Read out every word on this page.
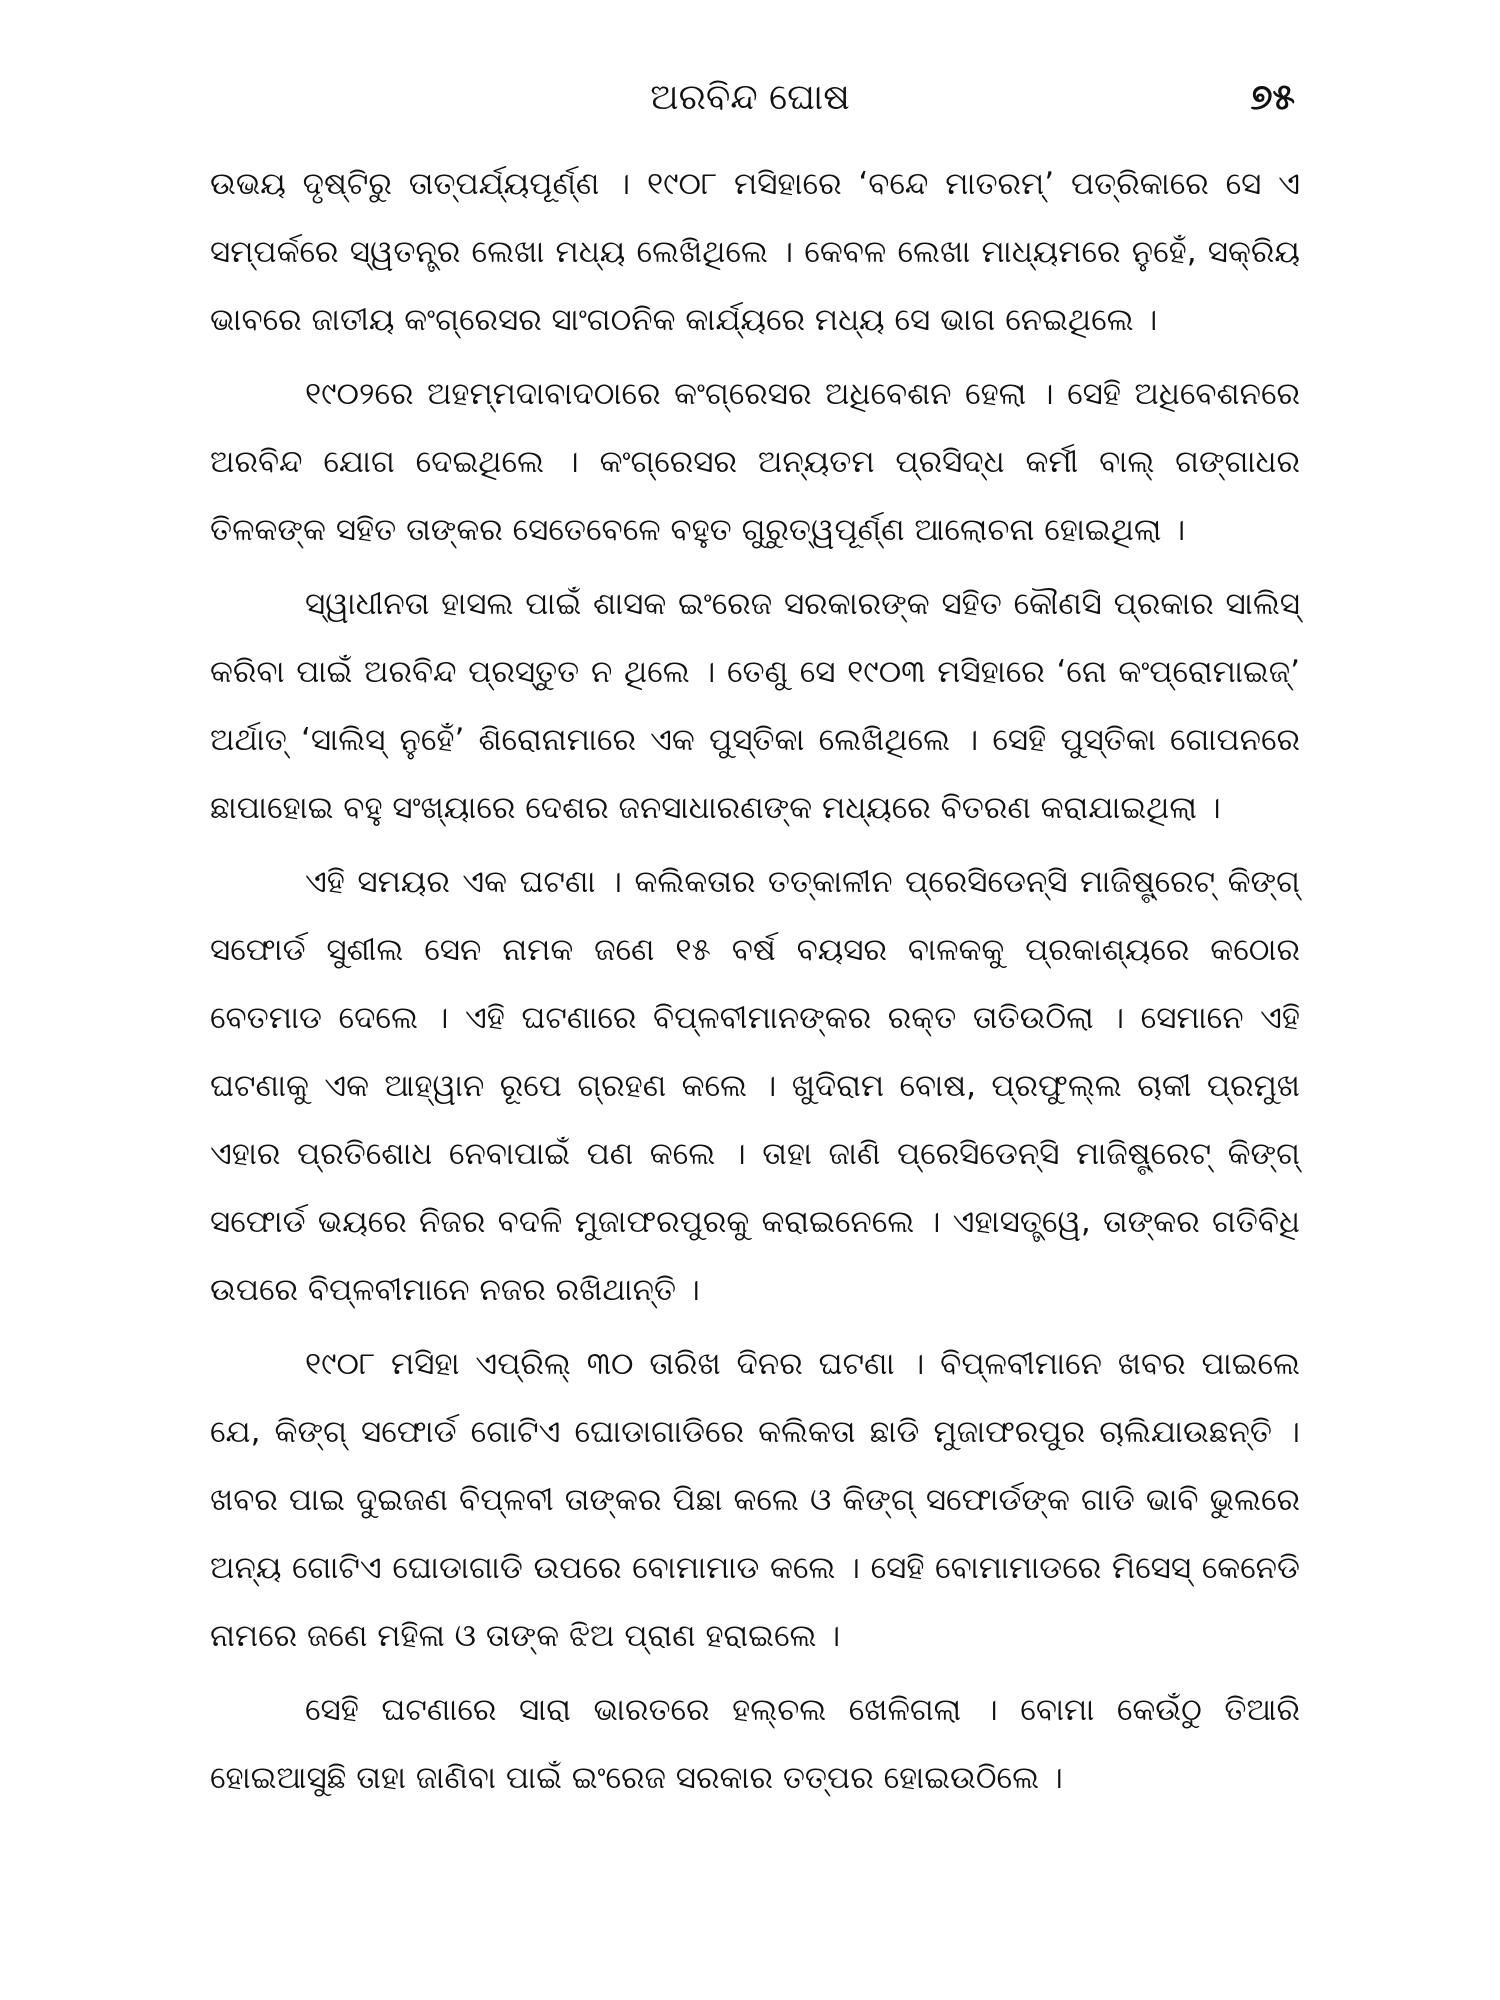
ଅରବିନ୍ଦ ଘୋଷ	୭୫

ଉଭୟ ଦୃଷ୍ଟିରୁ ତାତ୍ପର୍ଯ୍ୟପୂର୍ଣ୍ଣ । ୧୯୦୮ ମସିହାରେ ‘ବନ୍ଦେ ମାତରମ୍’ ପତ୍ରିକାରେ ସେ ଏ ସମ୍ପର୍କରେ ସ୍ୱତନ୍ତ୍ର ଲେଖା ମଧ୍ୟ ଲେଖିଥିଲେ । କେବଳ ଲେଖା ମାଧ୍ୟମରେ ନୁହେଁ, ସକ୍ରିୟ ଭାବରେ ଜାତୀୟ କଂଗ୍ରେସର ସାଂଗଠନିକ କାର୍ଯ୍ୟରେ ମଧ୍ୟ ସେ ଭାଗ ନେଇଥିଲେ ।

୧୯୦୨ରେ ଅହମ୍ମଦାବାଦଠାରେ କଂଗ୍ରେସର ଅଧିବେଶନ ହେଲା । ସେହି ଅଧିବେଶନରେ ଅରବିନ୍ଦ ଯୋଗ ଦେଇଥିଲେ । କଂଗ୍ରେସର ଅନ୍ୟତମ ପ୍ରସିଦ୍ଧ କର୍ମୀ ବାଲ୍ ଗଙ୍ଗାଧର ତିଳକଙ୍କ ସହିତ ତାଙ୍କର ସେତେବେଳେ ବହୁତ ଗୁରୁତ୍ୱପୂର୍ଣ୍ଣ ଆଲୋଚନା ହୋଇଥିଲା ।

ସ୍ୱାଧୀନତା ହାସଲ ପାଇଁ ଶାସକ ଇଂରେଜ ସରକାରଙ୍କ ସହିତ କୌଣସି ପ୍ରକାର ସାଲିସ୍ କରିବା ପାଇଁ ଅରବିନ୍ଦ ପ୍ରସ୍ତୁତ ନ ଥିଲେ । ତେଣୁ ସେ ୧୯୦୩ ମସିହାରେ ‘ନୋ କଂପ୍ରୋମାଇଜ୍’ ଅର୍ଥାତ୍ ‘ସାଲିସ୍ ନୁହେଁ’ ଶିରୋନାମାରେ ଏକ ପୁସ୍ତିକା ଲେଖିଥିଲେ । ସେହି ପୁସ୍ତିକା ଗୋପନରେ ଛାପାହୋଇ ବହୁ ସଂଖ୍ୟାରେ ଦେଶର ଜନସାଧାରଣଙ୍କ ମଧ୍ୟରେ ବିତରଣ କରାଯାଇଥିଲା ।

ଏହି ସମୟର ଏକ ଘଟଣା । କଲିକତାର ତତ୍କାଳୀନ ପ୍ରେସିଡେନ୍ସି ମାଜିଷ୍ଟ୍ରେଟ୍ କିଙ୍ଗ୍ ସଫୋର୍ଡ ସୁଶୀଲ ସେନ ନାମକ ଜଣେ ୧୫ ବର୍ଷ ବୟସର ବାଳକକୁ ପ୍ରକାଶ୍ୟରେ କଠୋର ବେତମାଡ ଦେଲେ । ଏହି ଘଟଣାରେ ବିପ୍ଳବୀମାନଙ୍କର ରକ୍ତ ତାତିଉଠିଲା । ସେମାନେ ଏହି ଘଟଣାକୁ ଏକ ଆହ୍ୱାନ ରୂପେ ଗ୍ରହଣ କଲେ । ଖୁଦିରାମ ବୋଷ, ପ୍ରଫୁଲ୍ଲ ଚାକୀ ପ୍ରମୁଖ ଏହାର ପ୍ରତିଶୋଧ ନେବାପାଇଁ ପଣ କଲେ । ତାହା ଜାଣି ପ୍ରେସିଡେନ୍ସି ମାଜିଷ୍ଟ୍ରେଟ୍ କିଙ୍ଗ୍ ସଫୋର୍ଡ ଭୟରେ ନିଜର ବଦଳି ମୁଜାଫରପୁରକୁ କରାଇନେଲେ । ଏହାସତ୍ତ୍ୱେ, ତାଙ୍କର ଗତିବିଧି ଉପରେ ବିପ୍ଳବୀମାନେ ନଜର ରଖିଥାନ୍ତି ।

୧୯୦୮ ମସିହା ଏପ୍ରିଲ୍ ୩୦ ତାରିଖ ଦିନର ଘଟଣା । ବିପ୍ଳବୀମାନେ ଖବର ପାଇଲେ ଯେ, କିଙ୍ଗ୍ ସଫୋର୍ଡ ଗୋଟିଏ ଘୋଡାଗାଡିରେ କଲିକତା ଛାଡି ମୁଜାଫରପୁର ଚାଲିଯାଉଛନ୍ତି । ଖବର ପାଇ ଦୁଇଜଣ ବିପ୍ଳବୀ ତାଙ୍କର ପିଛା କଲେ ଓ କିଙ୍ଗ୍ ସଫୋର୍ଡଙ୍କ ଗାଡି ଭାବି ଭୁଲରେ ଅନ୍ୟ ଗୋଟିଏ ଘୋଡାଗାଡି ଉପରେ ବୋମାମାଡ କଲେ । ସେହି ବୋମାମାଡରେ ମିସେସ୍ କେନେଡି ନାମରେ ଜଣେ ମହିଳା ଓ ତାଙ୍କ ଝିଅ ପ୍ରାଣ ହରାଇଲେ ।

ସେହି ଘଟଣାରେ ସାରା ଭାରତରେ ହଲ୍‌ଚଲ ଖେଳିଗଲା । ବୋମା କେଉଁଠୁ ତିଆରି ହୋଇଆସୁଛି ତାହା ଜାଣିବା ପାଇଁ ଇଂରେଜ ସରକାର ତତ୍ପର ହୋଇଉଠିଲେ ।
